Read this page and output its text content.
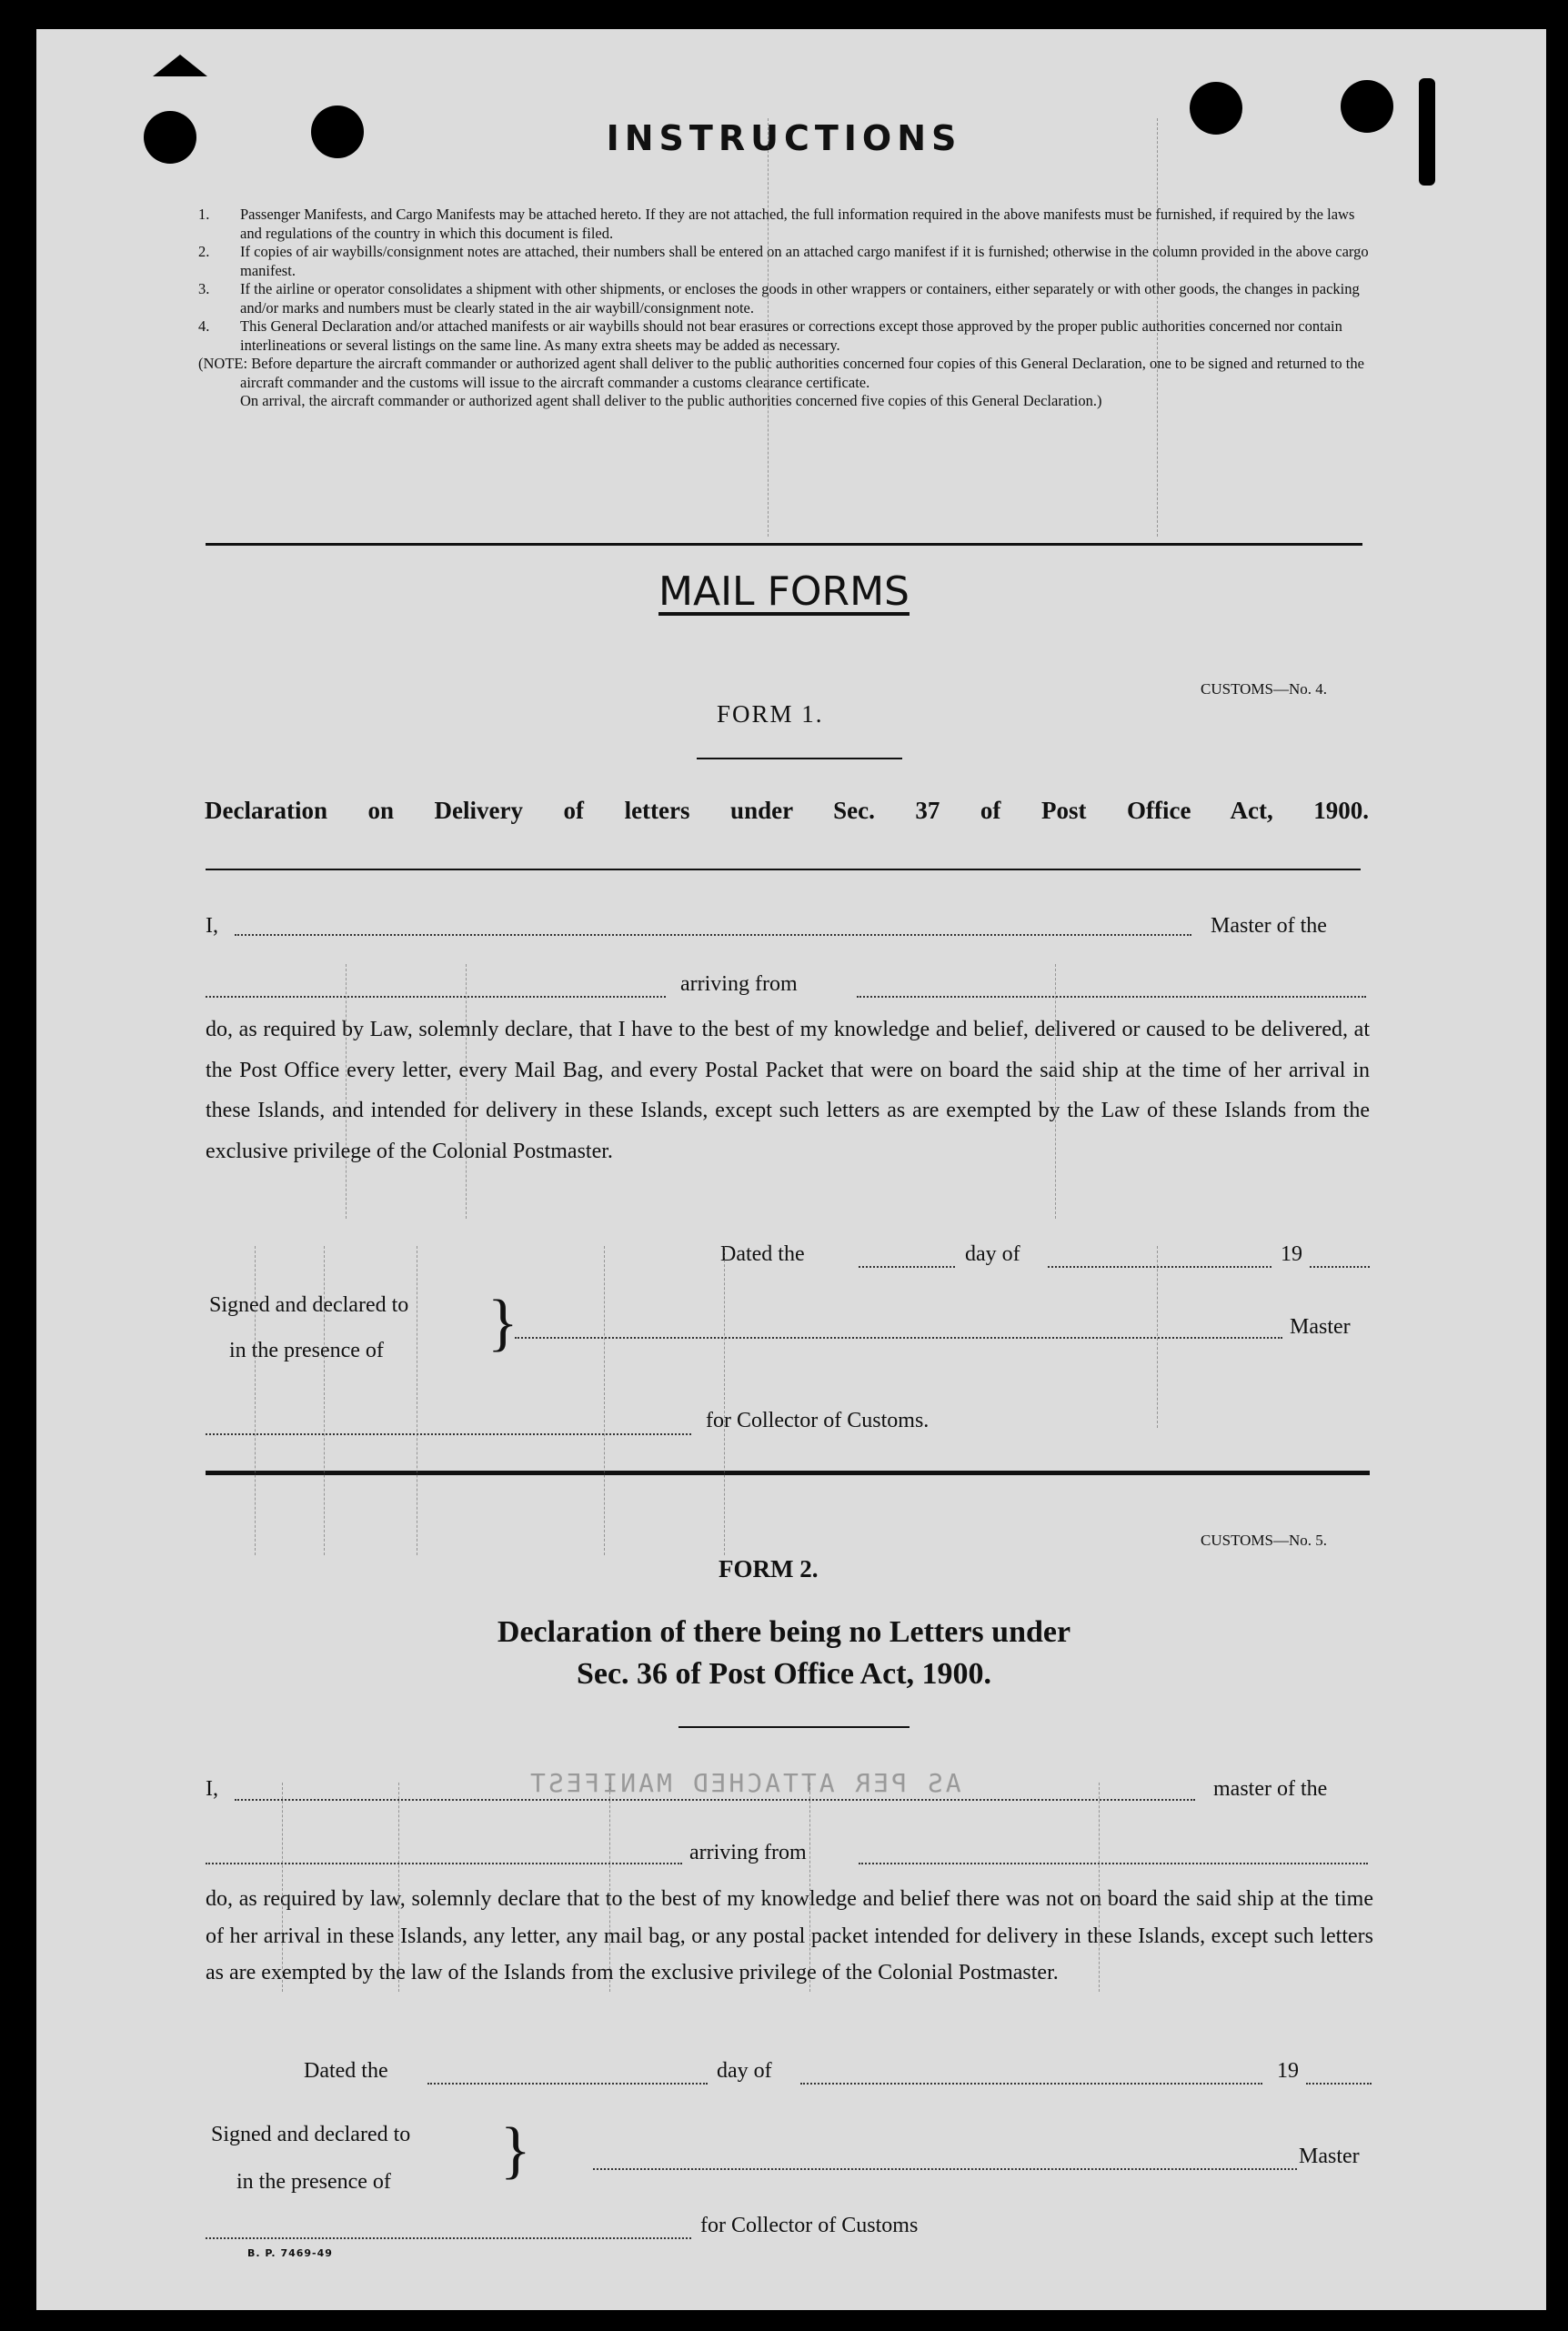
INSTRUCTIONS
1. Passenger Manifests, and Cargo Manifests may be attached hereto. If they are not attached, the full information required in the above manifests must be furnished, if required by the laws and regulations of the country in which this document is filed.
2. If copies of air waybills/consignment notes are attached, their numbers shall be entered on an attached cargo manifest if it is furnished; otherwise in the column provided in the above cargo manifest.
3. If the airline or operator consolidates a shipment with other shipments, or encloses the goods in other wrappers or containers, either separately or with other goods, the changes in packing and/or marks and numbers must be clearly stated in the air waybill/consignment note.
4. This General Declaration and/or attached manifests or air waybills should not bear erasures or corrections except those approved by the proper public authorities concerned nor contain interlineations or several listings on the same line. As many extra sheets may be added as necessary.
(NOTE: Before departure the aircraft commander or authorized agent shall deliver to the public authorities concerned four copies of this General Declaration, one to be signed and returned to the aircraft commander and the customs will issue to the aircraft commander a customs clearance certificate.
On arrival, the aircraft commander or authorized agent shall deliver to the public authorities concerned five copies of this General Declaration.)
MAIL FORMS
CUSTOMS—No. 4.
FORM 1.
Declaration on Delivery of letters under Sec. 37 of Post Office Act, 1900.
I,	Master of the
arriving from
do, as required by Law, solemnly declare, that I have to the best of my knowledge and belief, delivered or caused to be delivered, at the Post Office every letter, every Mail Bag, and every Postal Packet that were on board the said ship at the time of her arrival in these Islands, and intended for delivery in these Islands, except such letters as are exempted by the Law of these Islands from the exclusive privilege of the Colonial Postmaster.
Dated the	day of	19
Signed and declared to
in the presence of }	Master
for Collector of Customs.
CUSTOMS—No. 5.
FORM 2.
Declaration of there being no Letters under
Sec. 36 of Post Office Act, 1900.
I,	AS PER ATTACHED MANIFEST	master of the
arriving from
do, as required by law, solemnly declare that to the best of my knowledge and belief there was not on board the said ship at the time of her arrival in these Islands, any letter, any mail bag, or any postal packet intended for delivery in these Islands, except such letters as are exempted by the law of the Islands from the exclusive privilege of the Colonial Postmaster.
Dated the	day of	19
Signed and declared to
in the presence of }	Master
for Collector of Customs
B. P. 7469-49
